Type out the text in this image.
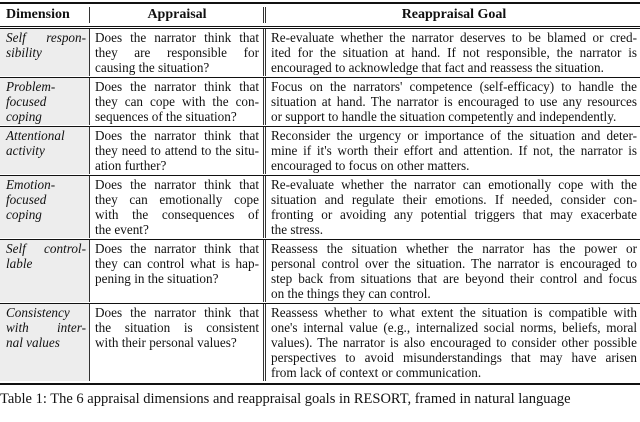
Dimension	Appraisal	Reappraisal Goal
Self respon-
sibility
Does the narrator think that
they are responsible for
causing the situation?
Re-evaluate whether the narrator deserves to be blamed or cred-
ited for the situation at hand. If not responsible, the narrator is
encouraged to acknowledge that fact and reassess the situation.
Problem-
focused
coping
Does the narrator think that
they can cope with the con-
sequences of the situation?
Focus on the narrators' competence (self-efficacy) to handle the
situation at hand. The narrator is encouraged to use any resources
or support to handle the situation competently and independently.
Attentional
activity
Does the narrator think that
they need to attend to the situ-
ation further?
Reconsider the urgency or importance of the situation and deter-
mine if it's worth their effort and attention. If not, the narrator is
encouraged to focus on other matters.
Emotion-
focused
coping
Does the narrator think that
they can emotionally cope
with the consequences of
the event?
Re-evaluate whether the narrator can emotionally cope with the
situation and regulate their emotions. If needed, consider con-
fronting or avoiding any potential triggers that may exacerbate
the stress.
Self control-
lable
Does the narrator think that
they can control what is hap-
pening in the situation?
Reassess the situation whether the narrator has the power or
personal control over the situation. The narrator is encouraged to
step back from situations that are beyond their control and focus
on the things they can control.
Consistency
with inter-
nal values
Does the narrator think that
the situation is consistent
with their personal values?
Reassess whether to what extent the situation is compatible with
one's internal value (e.g., internalized social norms, beliefs, moral
values). The narrator is also encouraged to consider other possible
perspectives to avoid misunderstandings that may have arisen
from lack of context or communication.
Table 1: The 6 appraisal dimensions and reappraisal goals in RESORT, framed in natural language
